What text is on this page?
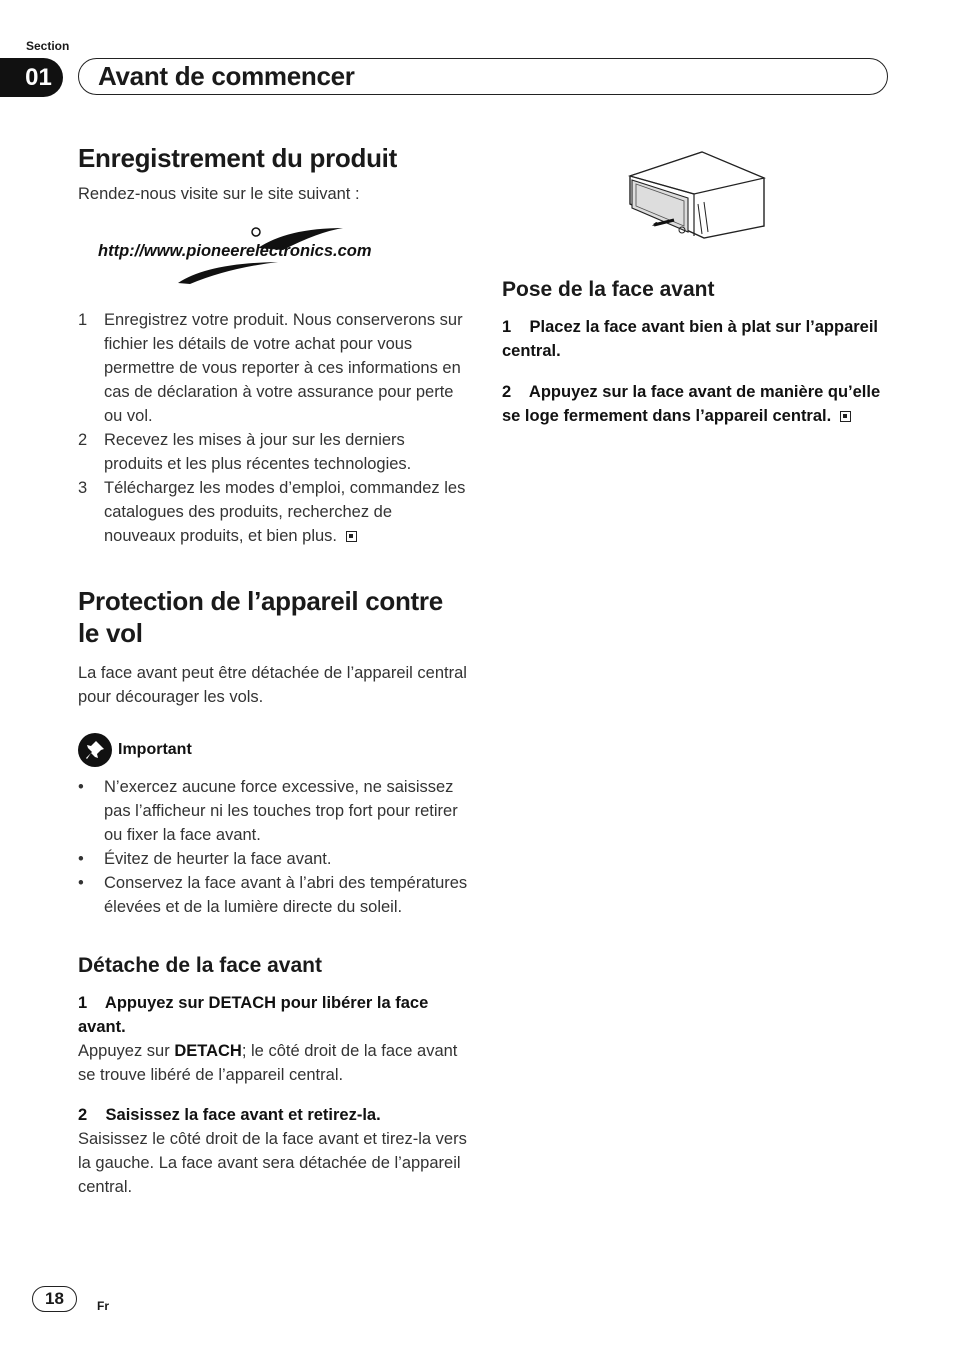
Section
01	Avant de commencer
Enregistrement du produit
Rendez-nous visite sur le site suivant :
http://www.pioneerelectronics.com
1 Enregistrez votre produit. Nous conserverons sur fichier les détails de votre achat pour vous permettre de vous reporter à ces informations en cas de déclaration à votre assurance pour perte ou vol.
2 Recevez les mises à jour sur les derniers produits et les plus récentes technologies.
3 Téléchargez les modes d’emploi, commandez les catalogues des produits, recherchez de nouveaux produits, et bien plus.
Protection de l’appareil contre le vol
La face avant peut être détachée de l’appareil central pour décourager les vols.
Important
• N’exercez aucune force excessive, ne saisissez pas l’afficheur ni les touches trop fort pour retirer ou fixer la face avant.
• Évitez de heurter la face avant.
• Conservez la face avant à l’abri des températures élevées et de la lumière directe du soleil.
Détache de la face avant
1 Appuyez sur DETACH pour libérer la face avant.
Appuyez sur DETACH; le côté droit de la face avant se trouve libéré de l’appareil central.
2 Saisissez la face avant et retirez-la.
Saisissez le côté droit de la face avant et tirez-la vers la gauche. La face avant sera détachée de l’appareil central.
Pose de la face avant
1 Placez la face avant bien à plat sur l’appareil central.
2 Appuyez sur la face avant de manière qu’elle se loge fermement dans l’appareil central.
18	Fr
